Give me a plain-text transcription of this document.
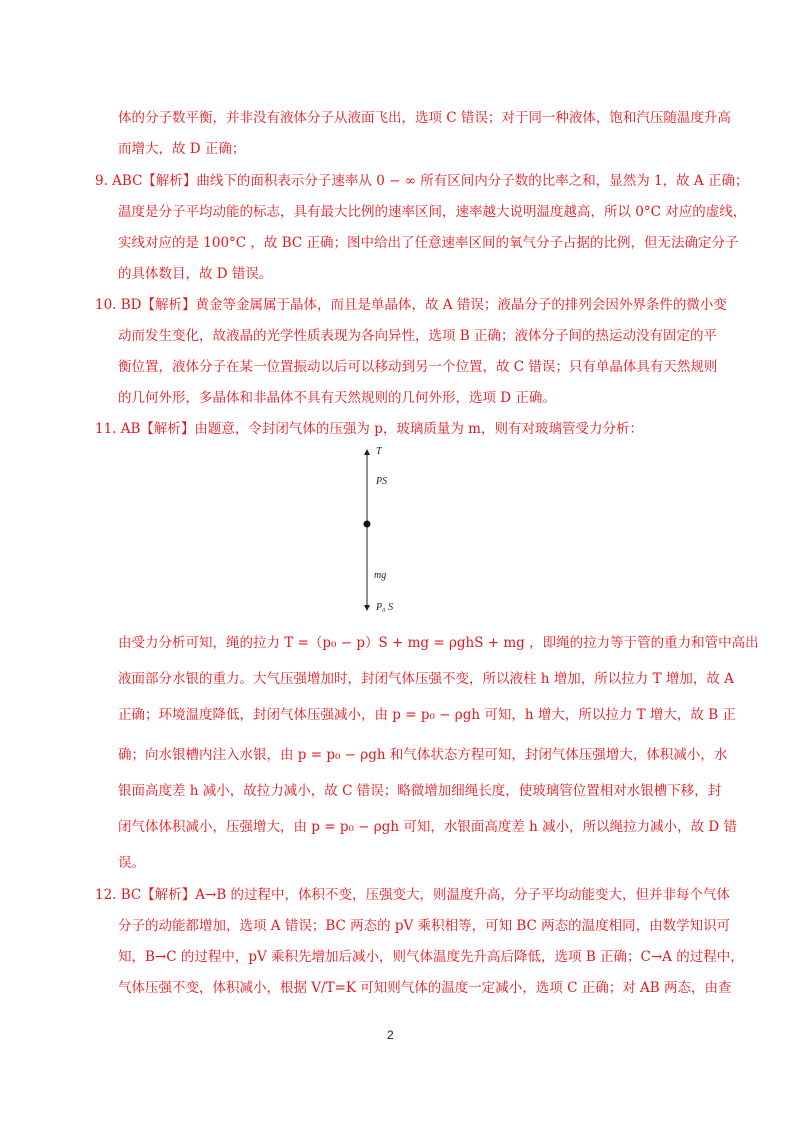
体的分子数平衡，并非没有液体分子从液面飞出，选项 C 错误；对于同一种液体，饱和汽压随温度升高
而增大，故 D 正确；
9. ABC【解析】曲线下的面积表示分子速率从 0 − ∞ 所有区间内分子数的比率之和，显然为 1，故 A 正确；
温度是分子平均动能的标志，具有最大比例的速率区间，速率越大说明温度越高，所以 0°C 对应的虚线，
实线对应的是 100°C ，故 BC 正确；图中给出了任意速率区间的氧气分子占据的比例，但无法确定分子
的具体数目，故 D 错误。
10. BD【解析】黄金等金属属于晶体，而且是单晶体，故 A 错误；液晶分子的排列会因外界条件的微小变
动而发生变化，故液晶的光学性质表现为各向异性，选项 B 正确；液体分子间的热运动没有固定的平
衡位置，液体分子在某一位置振动以后可以移动到另一个位置，故 C 错误；只有单晶体具有天然规则
的几何外形，多晶体和非晶体不具有天然规则的几何外形，选项 D 正确。
11. AB【解析】由题意，令封闭气体的压强为 p，玻璃质量为 m，则有对玻璃管受力分析：
T
PS
mg
P₀ S
由受力分析可知，绳的拉力 T =（p₀ − p）S + mg = ρghS + mg ，即绳的拉力等于管的重力和管中高出
液面部分水银的重力。大气压强增加时，封闭气体压强不变，所以液柱 h 增加，所以拉力 T 增加，故 A
正确；环境温度降低，封闭气体压强减小，由 p = p₀ − ρgh 可知，h 增大，所以拉力 T 增大，故 B 正
确；向水银槽内注入水银，由 p = p₀ − ρgh 和气体状态方程可知，封闭气体压强增大，体积减小，水
银面高度差 h 减小，故拉力减小，故 C 错误；略微增加细绳长度，使玻璃管位置相对水银槽下移，封
闭气体体积减小，压强增大，由 p = p₀ − ρgh 可知，水银面高度差 h 减小，所以绳拉力减小，故 D 错
误。
12. BC【解析】A→B 的过程中，体积不变，压强变大，则温度升高，分子平均动能变大，但并非每个气体
分子的动能都增加，选项 A 错误；BC 两态的 pV 乘积相等，可知 BC 两态的温度相同，由数学知识可
知，B→C 的过程中，pV 乘积先增加后减小，则气体温度先升高后降低，选项 B 正确；C→A 的过程中，
气体压强不变，体积减小，根据 V/T=K 可知则气体的温度一定减小，选项 C 正确；对 AB 两态，由查
2
